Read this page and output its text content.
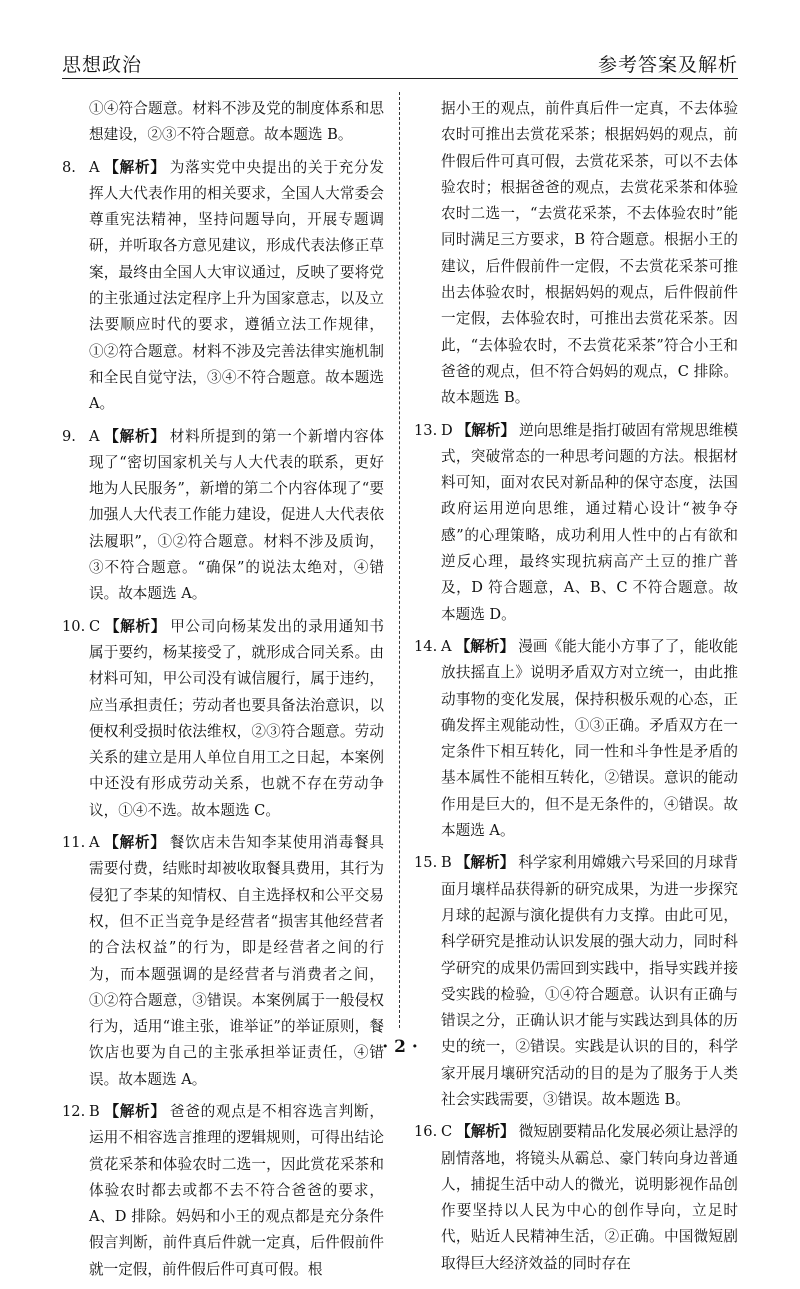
思想政治	参考答案及解析
①④符合题意。材料不涉及党的制度体系和思想建设，②③不符合题意。故本题选 B。
8. A 【解析】 为落实党中央提出的关于充分发挥人大代表作用的相关要求，全国人大常委会尊重宪法精神，坚持问题导向，开展专题调研，并听取各方意见建议，形成代表法修正草案，最终由全国人大审议通过，反映了要将党的主张通过法定程序上升为国家意志，以及立法要顺应时代的要求，遵循立法工作规律，①②符合题意。材料不涉及完善法律实施机制和全民自觉守法，③④不符合题意。故本题选 A。
9. A 【解析】 材料所提到的第一个新增内容体现了“密切国家机关与人大代表的联系，更好地为人民服务”，新增的第二个内容体现了“要加强人大代表工作能力建设，促进人大代表依法履职”，①②符合题意。材料不涉及质询，③不符合题意。“确保”的说法太绝对，④错误。故本题选 A。
10. C 【解析】 甲公司向杨某发出的录用通知书属于要约，杨某接受了，就形成合同关系。由材料可知，甲公司没有诚信履行，属于违约，应当承担责任；劳动者也要具备法治意识，以便权利受损时依法维权，②③符合题意。劳动关系的建立是用人单位自用工之日起，本案例中还没有形成劳动关系，也就不存在劳动争议，①④不选。故本题选 C。
11. A 【解析】 餐饮店未告知李某使用消毒餐具需要付费，结账时却被收取餐具费用，其行为侵犯了李某的知情权、自主选择权和公平交易权，但不正当竞争是经营者“损害其他经营者的合法权益”的行为，即是经营者之间的行为，而本题强调的是经营者与消费者之间，①②符合题意，③错误。本案例属于一般侵权行为，适用“谁主张，谁举证”的举证原则，餐饮店也要为自己的主张承担举证责任，④错误。故本题选 A。
12. B 【解析】 爸爸的观点是不相容选言判断，运用不相容选言推理的逻辑规则，可得出结论赏花采茶和体验农时二选一，因此赏花采茶和体验农时都去或都不去不符合爸爸的要求，A、D 排除。妈妈和小王的观点都是充分条件假言判断，前件真后件就一定真，后件假前件就一定假，前件假后件可真可假。根
据小王的观点，前件真后件一定真，不去体验农时可推出去赏花采茶；根据妈妈的观点，前件假后件可真可假，去赏花采茶，可以不去体验农时；根据爸爸的观点，去赏花采茶和体验农时二选一，“去赏花采茶，不去体验农时”能同时满足三方要求，B 符合题意。根据小王的建议，后件假前件一定假，不去赏花采茶可推出去体验农时，根据妈妈的观点，后件假前件一定假，去体验农时，可推出去赏花采茶。因此，“去体验农时，不去赏花采茶”符合小王和爸爸的观点，但不符合妈妈的观点，C 排除。故本题选 B。
13. D 【解析】 逆向思维是指打破固有常规思维模式，突破常态的一种思考问题的方法。根据材料可知，面对农民对新品种的保守态度，法国政府运用逆向思维，通过精心设计“被争夺感”的心理策略，成功利用人性中的占有欲和逆反心理，最终实现抗病高产土豆的推广普及，D 符合题意，A、B、C 不符合题意。故本题选 D。
14. A 【解析】 漫画《能大能小方事了了，能收能放扶摇直上》说明矛盾双方对立统一，由此推动事物的变化发展，保持积极乐观的心态，正确发挥主观能动性，①③正确。矛盾双方在一定条件下相互转化，同一性和斗争性是矛盾的基本属性不能相互转化，②错误。意识的能动作用是巨大的，但不是无条件的，④错误。故本题选 A。
15. B 【解析】 科学家利用嫦娥六号采回的月球背面月壤样品获得新的研究成果，为进一步探究月球的起源与演化提供有力支撑。由此可见，科学研究是推动认识发展的强大动力，同时科学研究的成果仍需回到实践中，指导实践并接受实践的检验，①④符合题意。认识有正确与错误之分，正确认识才能与实践达到具体的历史的统一，②错误。实践是认识的目的，科学家开展月壤研究活动的目的是为了服务于人类社会实践需要，③错误。故本题选 B。
16. C 【解析】 微短剧要精品化发展必须让悬浮的剧情落地，将镜头从霸总、豪门转向身边普通人，捕捉生活中动人的微光，说明影视作品创作要坚持以人民为中心的创作导向，立足时代，贴近人民精神生活，②正确。中国微短剧取得巨大经济效益的同时存在
· 2 ·
